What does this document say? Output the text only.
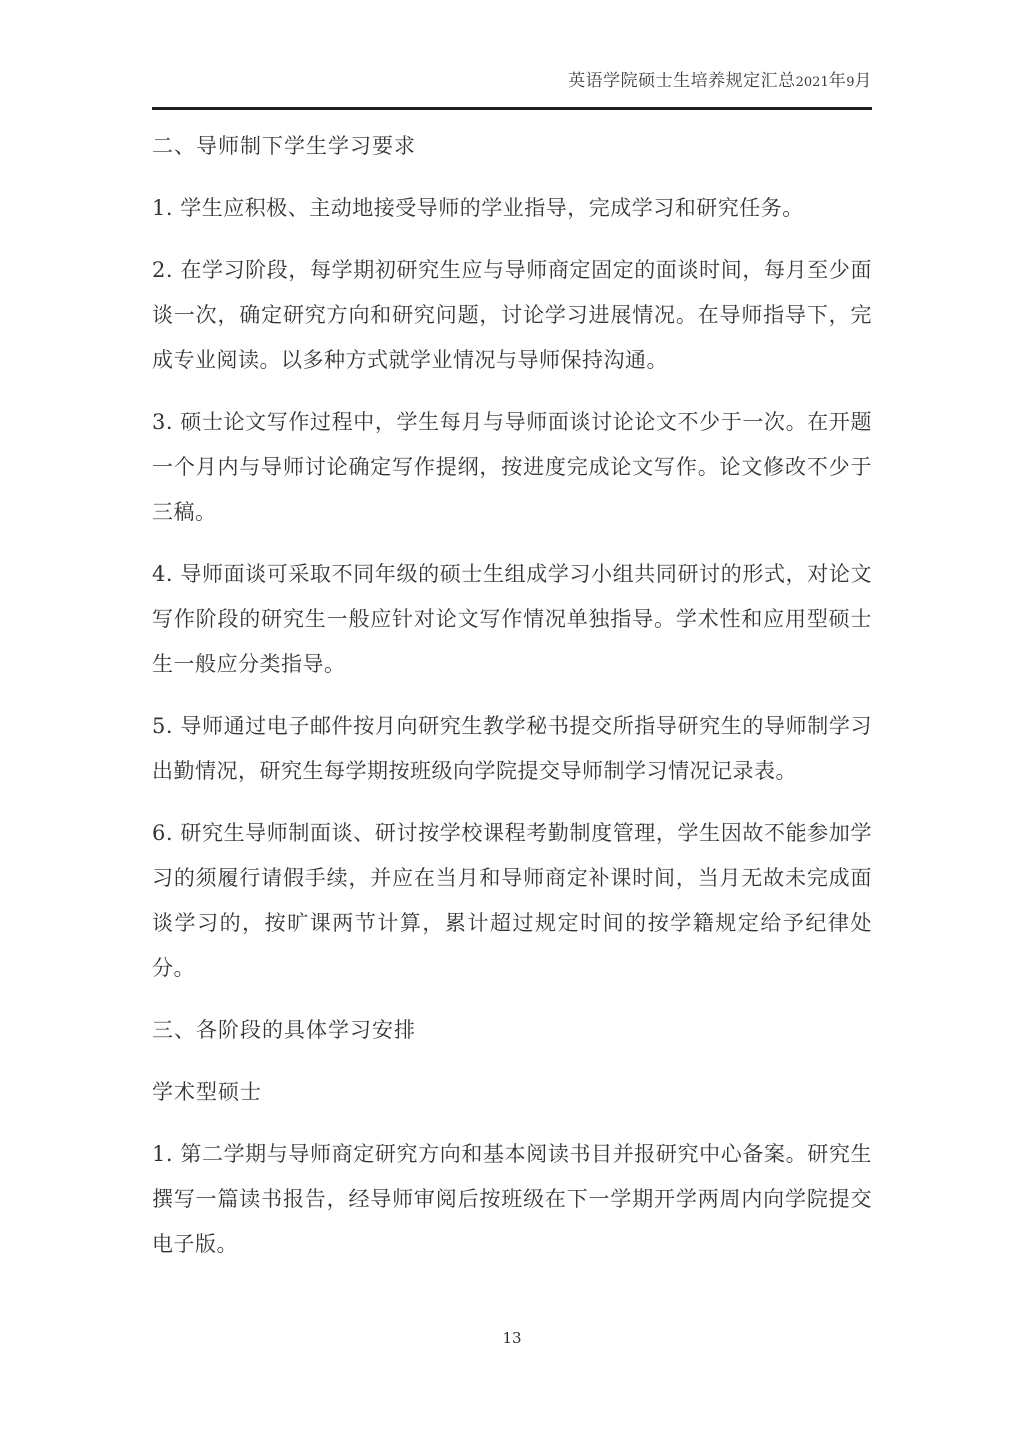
英语学院硕士生培养规定汇总2021年9月
二、导师制下学生学习要求

1. 学生应积极、主动地接受导师的学业指导，完成学习和研究任务。

2. 在学习阶段，每学期初研究生应与导师商定固定的面谈时间，每月至少面谈一次，确定研究方向和研究问题，讨论学习进展情况。在导师指导下，完成专业阅读。以多种方式就学业情况与导师保持沟通。

3. 硕士论文写作过程中，学生每月与导师面谈讨论论文不少于一次。在开题一个月内与导师讨论确定写作提纲，按进度完成论文写作。论文修改不少于三稿。

4. 导师面谈可采取不同年级的硕士生组成学习小组共同研讨的形式，对论文写作阶段的研究生一般应针对论文写作情况单独指导。学术性和应用型硕士生一般应分类指导。

5. 导师通过电子邮件按月向研究生教学秘书提交所指导研究生的导师制学习出勤情况，研究生每学期按班级向学院提交导师制学习情况记录表。

6. 研究生导师制面谈、研讨按学校课程考勤制度管理，学生因故不能参加学习的须履行请假手续，并应在当月和导师商定补课时间，当月无故未完成面谈学习的，按旷课两节计算，累计超过规定时间的按学籍规定给予纪律处分。

三、各阶段的具体学习安排
学术型硕士

1. 第二学期与导师商定研究方向和基本阅读书目并报研究中心备案。研究生撰写一篇读书报告，经导师审阅后按班级在下一学期开学两周内向学院提交电子版。

13
